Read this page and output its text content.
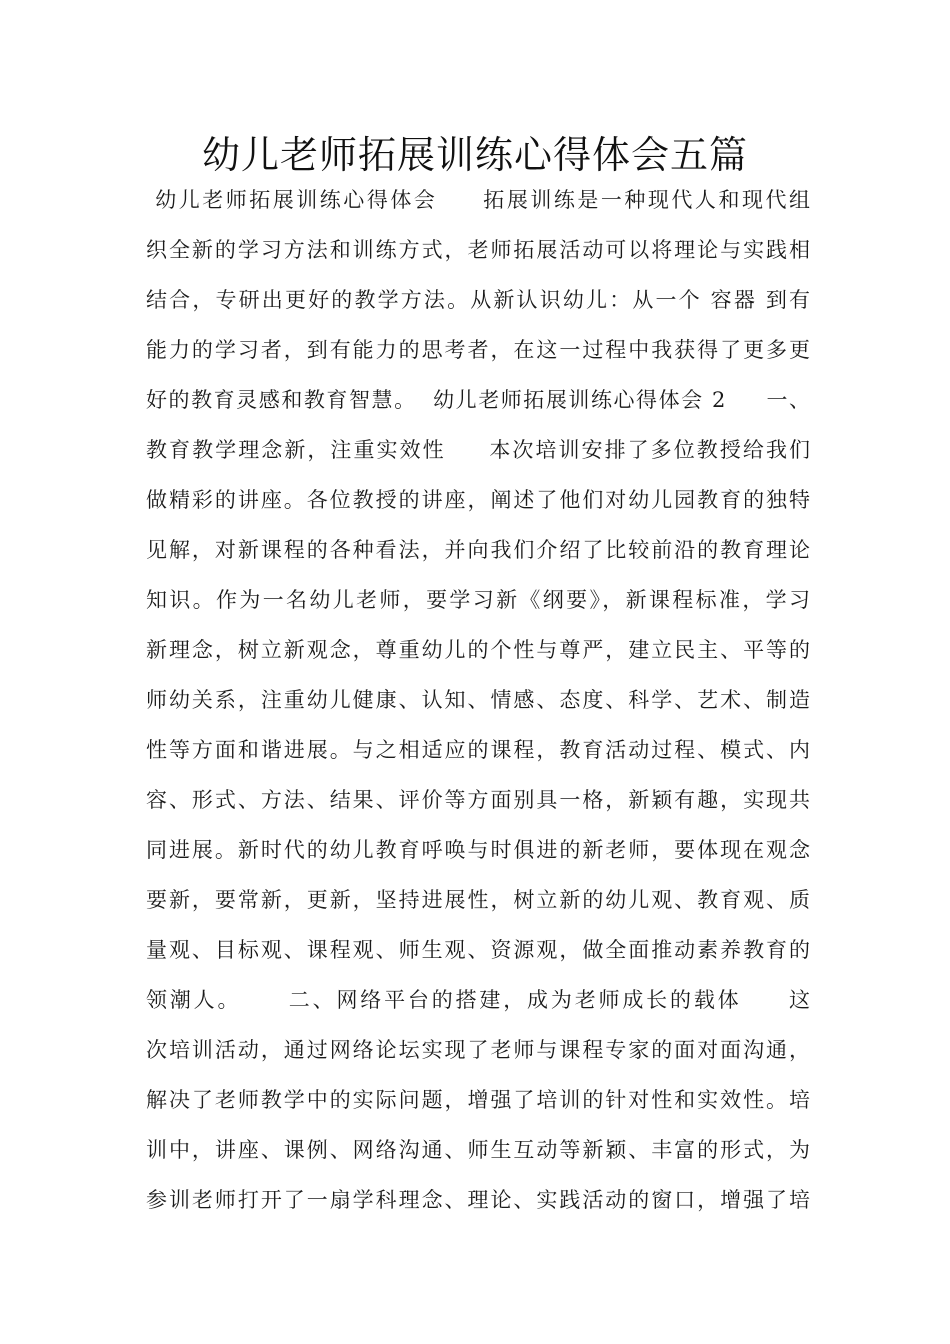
幼儿老师拓展训练心得体会五篇
幼儿老师拓展训练心得体会     拓展训练是一种现代人和现代组
织全新的学习方法和训练方式，老师拓展活动可以将理论与实践相
结合，专研出更好的教学方法。从新认识幼儿：从一个 容器 到有
能力的学习者，到有能力的思考者，在这一过程中我获得了更多更
好的教育灵感和教育智慧。  幼儿老师拓展训练心得体会 2     一、
教育教学理念新，注重实效性     本次培训安排了多位教授给我们
做精彩的讲座。各位教授的讲座，阐述了他们对幼儿园教育的独特
见解，对新课程的各种看法，并向我们介绍了比较前沿的教育理论
知识。作为一名幼儿老师，要学习新《纲要》，新课程标准，学习
新理念，树立新观念，尊重幼儿的个性与尊严，建立民主、平等的
师幼关系，注重幼儿健康、认知、情感、态度、科学、艺术、制造
性等方面和谐进展。与之相适应的课程，教育活动过程、模式、内
容、形式、方法、结果、评价等方面别具一格，新颖有趣，实现共
同进展。新时代的幼儿教育呼唤与时俱进的新老师，要体现在观念
要新，要常新，更新，坚持进展性，树立新的幼儿观、教育观、质
量观、目标观、课程观、师生观、资源观，做全面推动素养教育的
领潮人。     二、网络平台的搭建，成为老师成长的载体     这
次培训活动，通过网络论坛实现了老师与课程专家的面对面沟通，
解决了老师教学中的实际问题，增强了培训的针对性和实效性。培
训中，讲座、课例、网络沟通、师生互动等新颖、丰富的形式，为
参训老师打开了一扇学科理念、理论、实践活动的窗口，增强了培
